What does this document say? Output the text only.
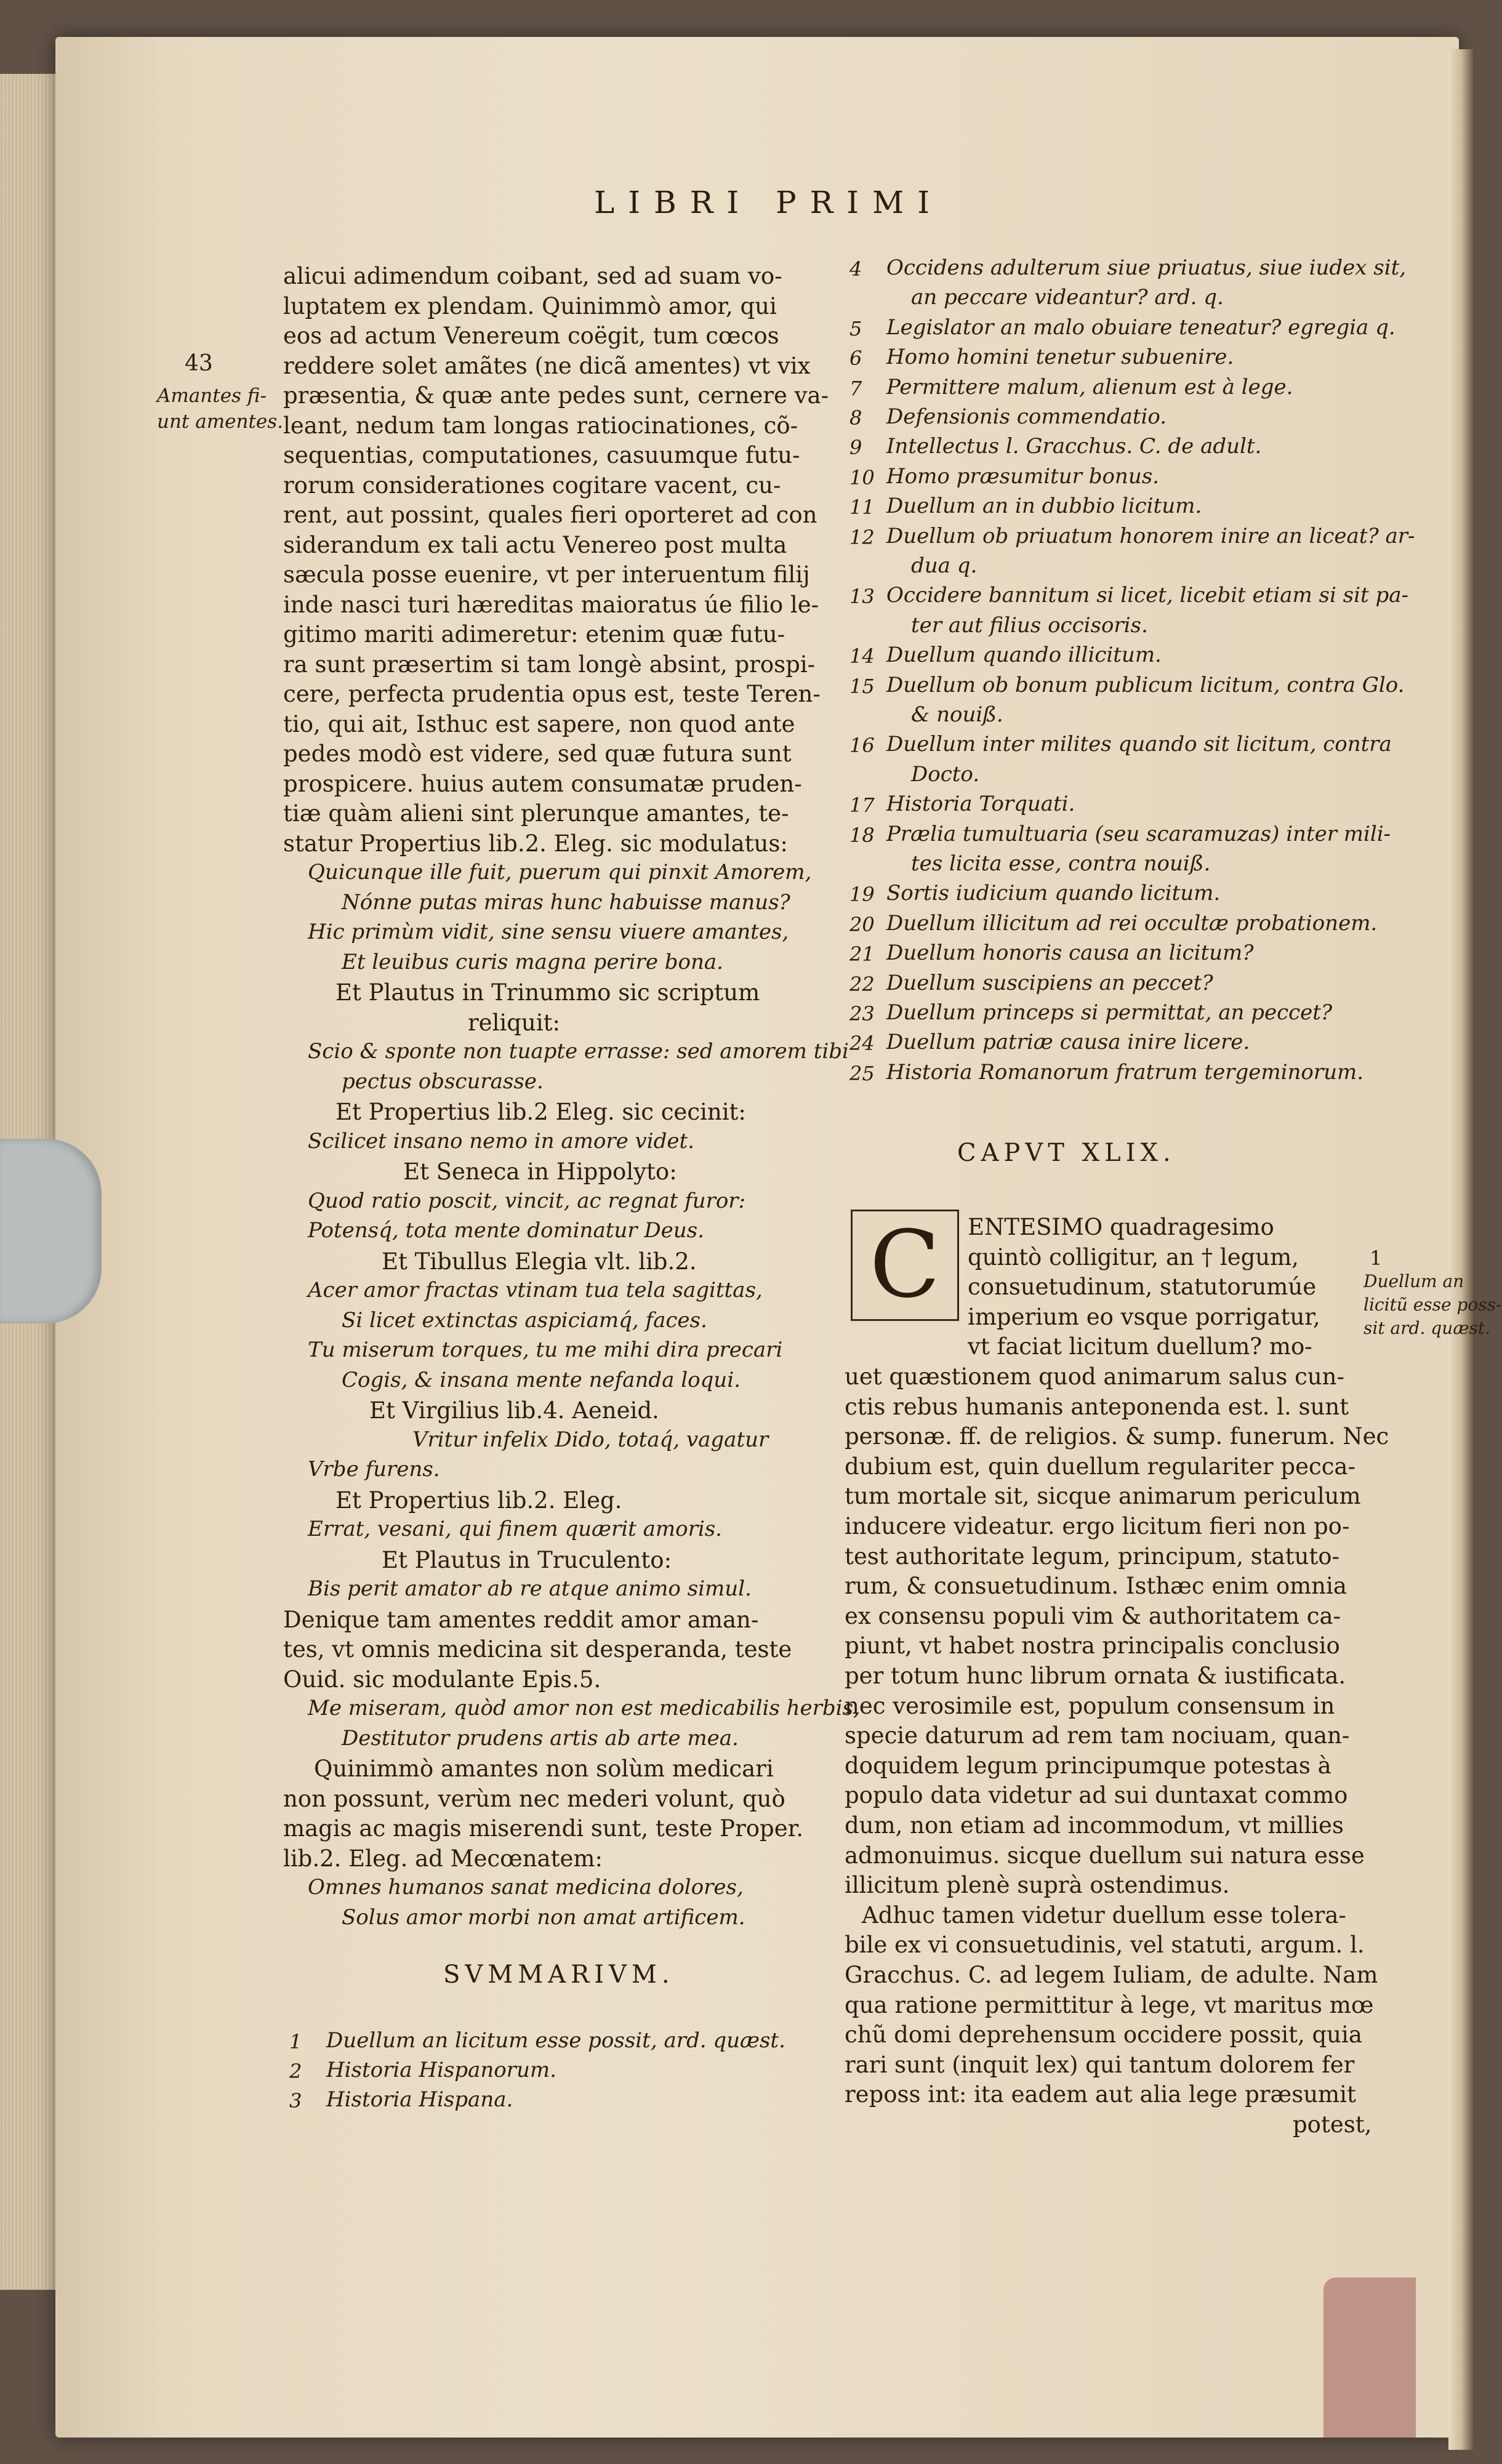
LIBRI PRIMI
43
alicui adimendum coibant, sed ad suam vo-
luptatem ex plendam. Quinimmò amor, qui
eos ad actum Venereum coëgit, tum cœcos
reddere solet amãtes (ne dicã amentes) vt vix
præsentia, & quæ ante pedes sunt, cernere va-
leant, nedum tam longas ratiocinationes, cõ-
sequentias, computationes, casuumque futu-
rorum considerationes cogitare vacent, cu-
rent, aut possint, quales fieri oporteret ad con
siderandum ex tali actu Venereo post multa
sæcula posse euenire, vt per interuentum filij
inde nasci turi hæreditas maioratus úe filio le-
gitimo mariti adimeretur: etenim quæ futu-
ra sunt præsertim si tam longè absint, prospi-
cere, perfecta prudentia opus est, teste Teren-
tio, qui ait, Isthuc est sapere, non quod ante
pedes modò est videre, sed quæ futura sunt
prospicere. huius autem consumatæ pruden-
tiæ quàm alieni sint plerunque amantes, te-
statur Propertius lib.2. Eleg. sic modulatus:
Quicunque ille fuit, puerum qui pinxit Amorem,
Nónne putas miras hunc habuisse manus?
Hic primùm vidit, sine sensu viuere amantes,
Et leuibus curis magna perire bona.
Et Plautus in Trinummo sic scriptum
reliquit:
Scio & sponte non tuapte errasse: sed amorem tibi
pectus obscurasse.
Et Propertius lib.2 Eleg. sic cecinit:
Scilicet insano nemo in amore videt.
Et Seneca in Hippolyto:
Quod ratio poscit, vincit, ac regnat furor:
Potensq́, tota mente dominatur Deus.
Et Tibullus Elegia vlt. lib.2.
Acer amor fractas vtinam tua tela sagittas,
Si licet extinctas aspiciamq́, faces.
Tu miserum torques, tu me mihi dira precari
Cogis, & insana mente nefanda loqui.
Et Virgilius lib.4. Aeneid.
Vritur infelix Dido, totaq́, vagatur
Vrbe furens.
Et Propertius lib.2. Eleg.
Errat, vesani, qui finem quærit amoris.
Et Plautus in Truculento:
Bis perit amator ab re atque animo simul.
Denique tam amentes reddit amor aman-
tes, vt omnis medicina sit desperanda, teste
Ouid. sic modulante Epis.5.
Me miseram, quòd amor non est medicabilis herbis,
Destitutor prudens artis ab arte mea.
Quinimmò amantes non solùm medicari
non possunt, verùm nec mederi volunt, quò
magis ac magis miserendi sunt, teste Proper.
lib.2. Eleg. ad Mecœnatem:
Omnes humanos sanat medicina dolores,
Solus amor morbi non amat artificem.
SVMMARIVM.
1 Duellum an licitum esse possit, ard. quæst.
2 Historia Hispanorum.
3 Historia Hispana.
4 Occidens adulterum siue priuatus, siue iudex sit,
an peccare videantur? ard. q.
5 Legislator an malo obuiare teneatur? egregia q.
6 Homo homini tenetur subuenire.
7 Permittere malum, alienum est à lege.
8 Defensionis commendatio.
9 Intellectus l. Gracchus. C. de adult.
10 Homo præsumitur bonus.
11 Duellum an in dubbio licitum.
12 Duellum ob priuatum honorem inire an liceat? ar-
dua q.
13 Occidere bannitum si licet, licebit etiam si sit pa-
ter aut filius occisoris.
14 Duellum quando illicitum.
15 Duellum ob bonum publicum licitum, contra Glo.
& nouiß.
16 Duellum inter milites quando sit licitum, contra
Docto.
17 Historia Torquati.
18 Prælia tumultuaria (seu scaramuzas) inter mili-
tes licita esse, contra nouiß.
19 Sortis iudicium quando licitum.
20 Duellum illicitum ad rei occultæ probationem.
21 Duellum honoris causa an licitum?
22 Duellum suscipiens an peccet?
23 Duellum princeps si permittat, an peccet?
24 Duellum patriæ causa inire licere.
25 Historia Romanorum fratrum tergeminorum.
CAPVT XLIX.
C	1
ENTESIMO quadragesimo
quintò colligitur, an † legum,
consuetudinum, statutorumúe
imperium eo vsque porrigatur,
vt faciat licitum duellum? mo-
uet quæstionem quod animarum salus cun-
ctis rebus humanis anteponenda est. l. sunt
personæ. ff. de religios. & sump. funerum. Nec
dubium est, quin duellum regulariter pecca-
tum mortale sit, sicque animarum periculum
inducere videatur. ergo licitum fieri non po-
test authoritate legum, principum, statuto-
rum, & consuetudinum. Isthæc enim omnia
ex consensu populi vim & authoritatem ca-
piunt, vt habet nostra principalis conclusio
per totum hunc librum ornata & iustificata.
nec verosimile est, populum consensum in
specie daturum ad rem tam nociuam, quan-
doquidem legum principumque potestas à
populo data videtur ad sui duntaxat commo
dum, non etiam ad incommodum, vt millies
admonuimus. sicque duellum sui natura esse
illicitum plenè suprà ostendimus.
Adhuc tamen videtur duellum esse tolera-
bile ex vi consuetudinis, vel statuti, argum. l.
Gracchus. C. ad legem Iuliam, de adulte. Nam
qua ratione permittitur à lege, vt maritus mœ
chũ domi deprehensum occidere possit, quia
rari sunt (inquit lex) qui tantum dolorem fer
reposs int: ita eadem aut alia lege præsumit
potest,
Amantes fi-
unt amentes.
Duellum an
licitũ esse poss-
sit ard. quæst.
